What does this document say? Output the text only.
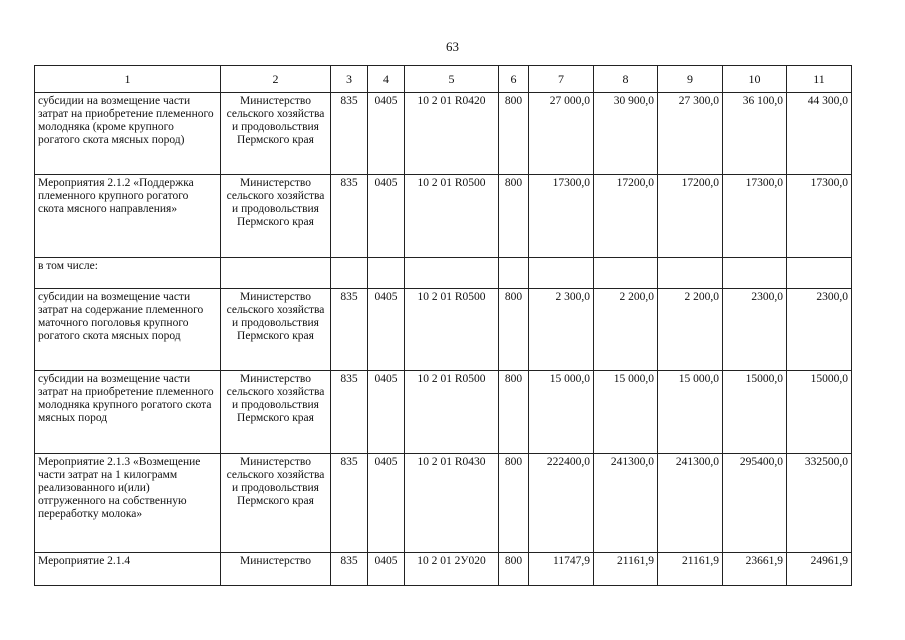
63
1	2	3	4	5	6	7	8	9	10	11
субсидии на возмещение части затрат на приобретение племенного молодняка (кроме крупного рогатого скота мясных пород)	Министерство сельского хозяйства и продовольствия Пермского края	835	0405	10 2 01 R0420	800	27 000,0	30 900,0	27 300,0	36 100,0	44 300,0
Мероприятия 2.1.2 «Поддержка племенного крупного рогатого скота мясного направления»	Министерство сельского хозяйства и продовольствия Пермского края	835	0405	10 2 01 R0500	800	17300,0	17200,0	17200,0	17300,0	17300,0
в том числе:										
субсидии на возмещение части затрат на содержание племенного маточного поголовья крупного рогатого скота мясных пород	Министерство сельского хозяйства и продовольствия Пермского края	835	0405	10 2 01 R0500	800	2 300,0	2 200,0	2 200,0	2300,0	2300,0
субсидии на возмещение части затрат на приобретение племенного молодняка крупного рогатого скота мясных пород	Министерство сельского хозяйства и продовольствия Пермского края	835	0405	10 2 01 R0500	800	15 000,0	15 000,0	15 000,0	15000,0	15000,0
Мероприятие 2.1.3 «Возмещение части затрат на 1 килограмм реализованного и(или) отгруженного на собственную переработку молока»	Министерство сельского хозяйства и продовольствия Пермского края	835	0405	10 2 01 R0430	800	222400,0	241300,0	241300,0	295400,0	332500,0
Мероприятие 2.1.4	Министерство	835	0405	10 2 01 2У020	800	11747,9	21161,9	21161,9	23661,9	24961,9
